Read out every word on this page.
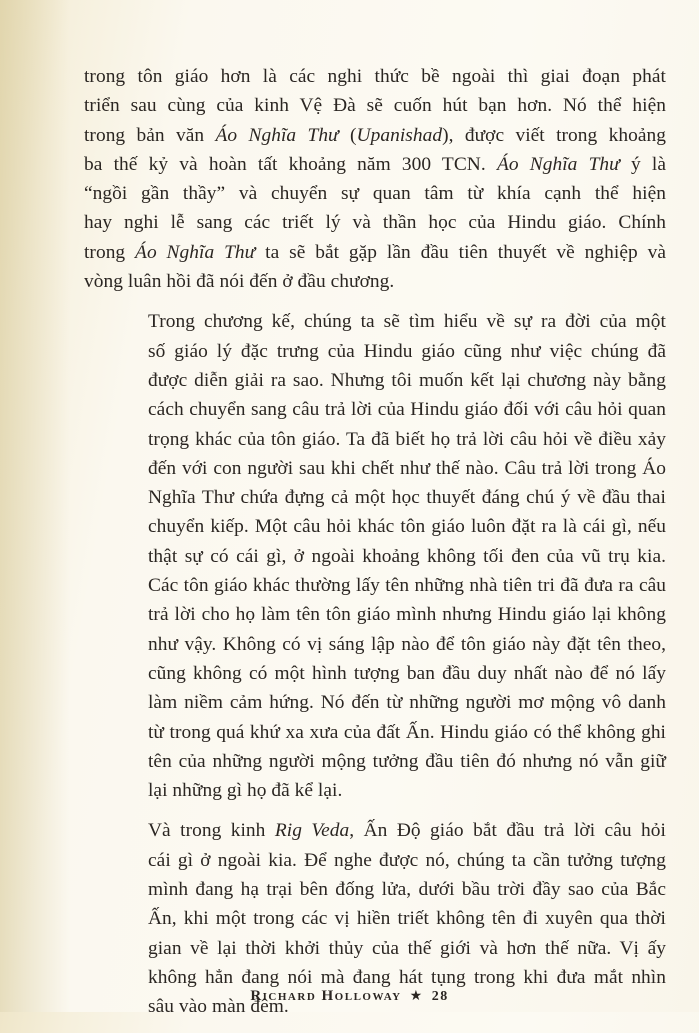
trong tôn giáo hơn là các nghi thức bề ngoài thì giai đoạn phát
triển sau cùng của kinh Vệ Đà sẽ cuốn hút bạn hơn. Nó thể hiện
trong bản văn Áo Nghĩa Thư (Upanishad), được viết trong khoảng
ba thế kỷ và hoàn tất khoảng năm 300 TCN. Áo Nghĩa Thư ý là
“ngồi gần thầy” và chuyển sự quan tâm từ khía cạnh thể hiện
hay nghi lễ sang các triết lý và thần học của Hindu giáo. Chính
trong Áo Nghĩa Thư ta sẽ bắt gặp lần đầu tiên thuyết về nghiệp và
vòng luân hồi đã nói đến ở đầu chương.

Trong chương kế, chúng ta sẽ tìm hiểu về sự ra đời của một
số giáo lý đặc trưng của Hindu giáo cũng như việc chúng đã
được diễn giải ra sao. Nhưng tôi muốn kết lại chương này bằng
cách chuyển sang câu trả lời của Hindu giáo đối với câu hỏi quan
trọng khác của tôn giáo. Ta đã biết họ trả lời câu hỏi về điều xảy
đến với con người sau khi chết như thế nào. Câu trả lời trong Áo
Nghĩa Thư chứa đựng cả một học thuyết đáng chú ý về đầu thai
chuyển kiếp. Một câu hỏi khác tôn giáo luôn đặt ra là cái gì, nếu
thật sự có cái gì, ở ngoài khoảng không tối đen của vũ trụ kia.
Các tôn giáo khác thường lấy tên những nhà tiên tri đã đưa ra câu
trả lời cho họ làm tên tôn giáo mình nhưng Hindu giáo lại không
như vậy. Không có vị sáng lập nào để tôn giáo này đặt tên theo,
cũng không có một hình tượng ban đầu duy nhất nào để nó lấy
làm niềm cảm hứng. Nó đến từ những người mơ mộng vô danh
từ trong quá khứ xa xưa của đất Ấn. Hindu giáo có thể không ghi
tên của những người mộng tưởng đầu tiên đó nhưng nó vẫn giữ
lại những gì họ đã kể lại.

Và trong kinh Rig Veda, Ấn Độ giáo bắt đầu trả lời câu hỏi
cái gì ở ngoài kia. Để nghe được nó, chúng ta cần tưởng tượng
mình đang hạ trại bên đống lửa, dưới bầu trời đầy sao của Bắc
Ấn, khi một trong các vị hiền triết không tên đi xuyên qua thời
gian về lại thời khởi thủy của thế giới và hơn thế nữa. Vị ấy
không hẳn đang nói mà đang hát tụng trong khi đưa mắt nhìn
sâu vào màn đêm.

Richard Holloway ★ 28
